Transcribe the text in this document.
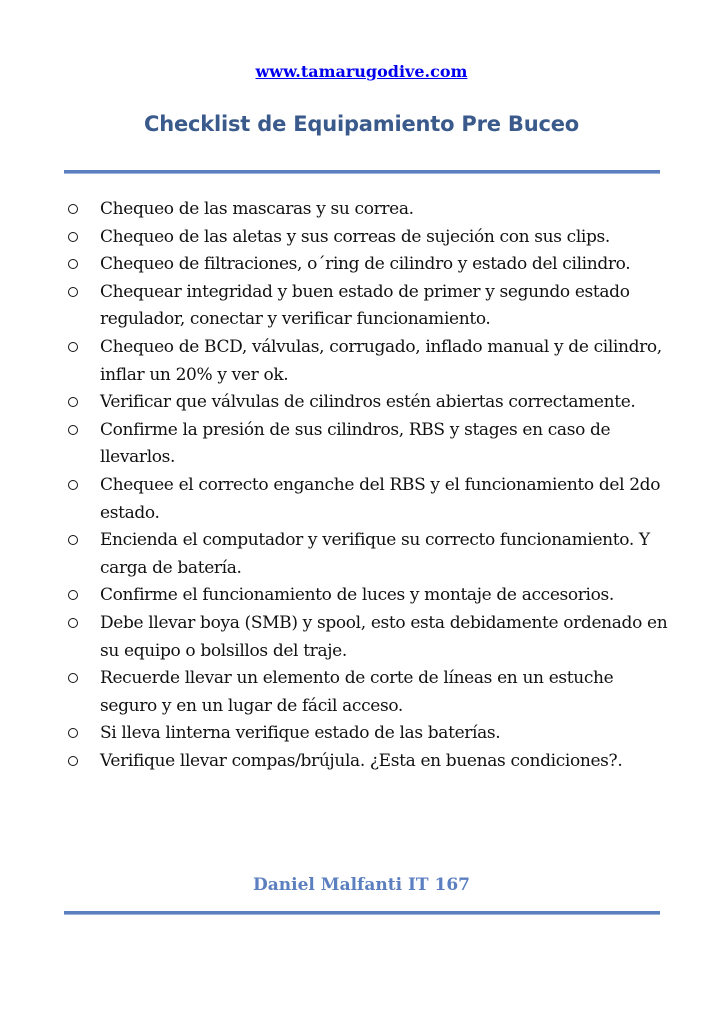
www.tamarugodive.com
Checklist de Equipamiento Pre Buceo
Chequeo de las mascaras y su correa.
Chequeo de las aletas y sus correas de sujeción con sus clips.
Chequeo de filtraciones, o´ring de cilindro y estado del cilindro.
Chequear integridad y buen estado de primer y segundo estado regulador, conectar y verificar funcionamiento.
Chequeo de BCD, válvulas, corrugado, inflado manual y de cilindro, inflar un 20% y ver ok.
Verificar que válvulas de cilindros estén abiertas correctamente.
Confirme la presión de sus cilindros, RBS y stages en caso de llevarlos.
Chequee el correcto enganche del RBS y el funcionamiento del 2do estado.
Encienda el computador y verifique su correcto funcionamiento. Y carga de batería.
Confirme el funcionamiento de luces y montaje de accesorios.
Debe llevar boya (SMB) y spool, esto esta debidamente ordenado en su equipo o bolsillos del traje.
Recuerde llevar un elemento de corte de líneas en un estuche seguro y en un lugar de fácil acceso.
Si lleva linterna verifique estado de las baterías.
Verifique llevar compas/brújula. ¿Esta en buenas condiciones?.
Daniel Malfanti IT 167
